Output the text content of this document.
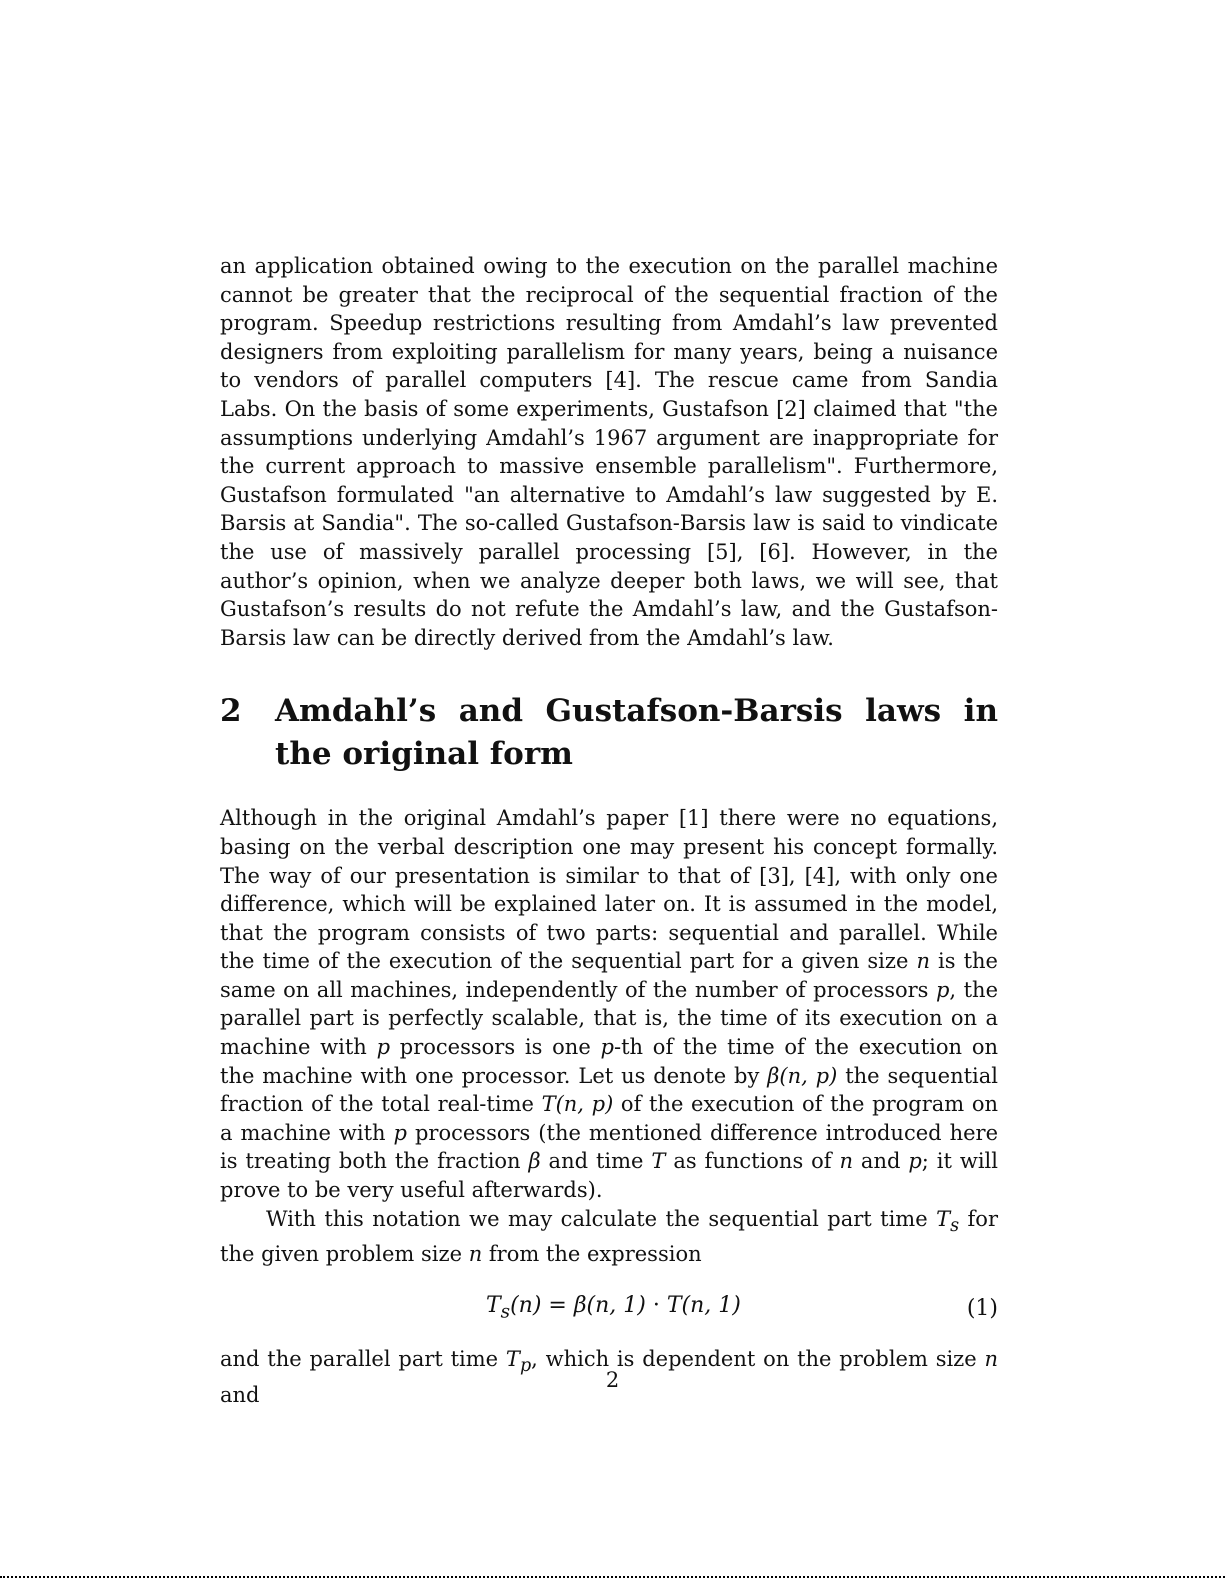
an application obtained owing to the execution on the parallel machine cannot be greater that the reciprocal of the sequential fraction of the program. Speedup restrictions resulting from Amdahl’s law prevented designers from exploiting parallelism for many years, being a nuisance to vendors of parallel computers [4]. The rescue came from Sandia Labs. On the basis of some experiments, Gustafson [2] claimed that "the assumptions underlying Amdahl’s 1967 argument are inappropriate for the current approach to massive ensemble parallelism". Furthermore, Gustafson formulated "an alternative to Amdahl’s law suggested by E. Barsis at Sandia". The so-called Gustafson-Barsis law is said to vindicate the use of massively parallel processing [5], [6]. However, in the author’s opinion, when we analyze deeper both laws, we will see, that Gustafson’s results do not refute the Amdahl’s law, and the Gustafson-Barsis law can be directly derived from the Amdahl’s law.

2	Amdahl’s and Gustafson-Barsis laws in the original form

Although in the original Amdahl’s paper [1] there were no equations, basing on the verbal description one may present his concept formally. The way of our presentation is similar to that of [3], [4], with only one difference, which will be explained later on. It is assumed in the model, that the program consists of two parts: sequential and parallel. While the time of the execution of the sequential part for a given size n is the same on all machines, independently of the number of processors p, the parallel part is perfectly scalable, that is, the time of its execution on a machine with p processors is one p-th of the time of the execution on the machine with one processor. Let us denote by β(n, p) the sequential fraction of the total real-time T(n, p) of the execution of the program on a machine with p processors (the mentioned difference introduced here is treating both the fraction β and time T as functions of n and p; it will prove to be very useful afterwards).

With this notation we may calculate the sequential part time $T_s$ for the given problem size n from the expression

$T_s(n) = \beta(n$, 1) · T(n, 1)	(1)

and the parallel part time $T_p$, which is dependent on the problem size n and

2
